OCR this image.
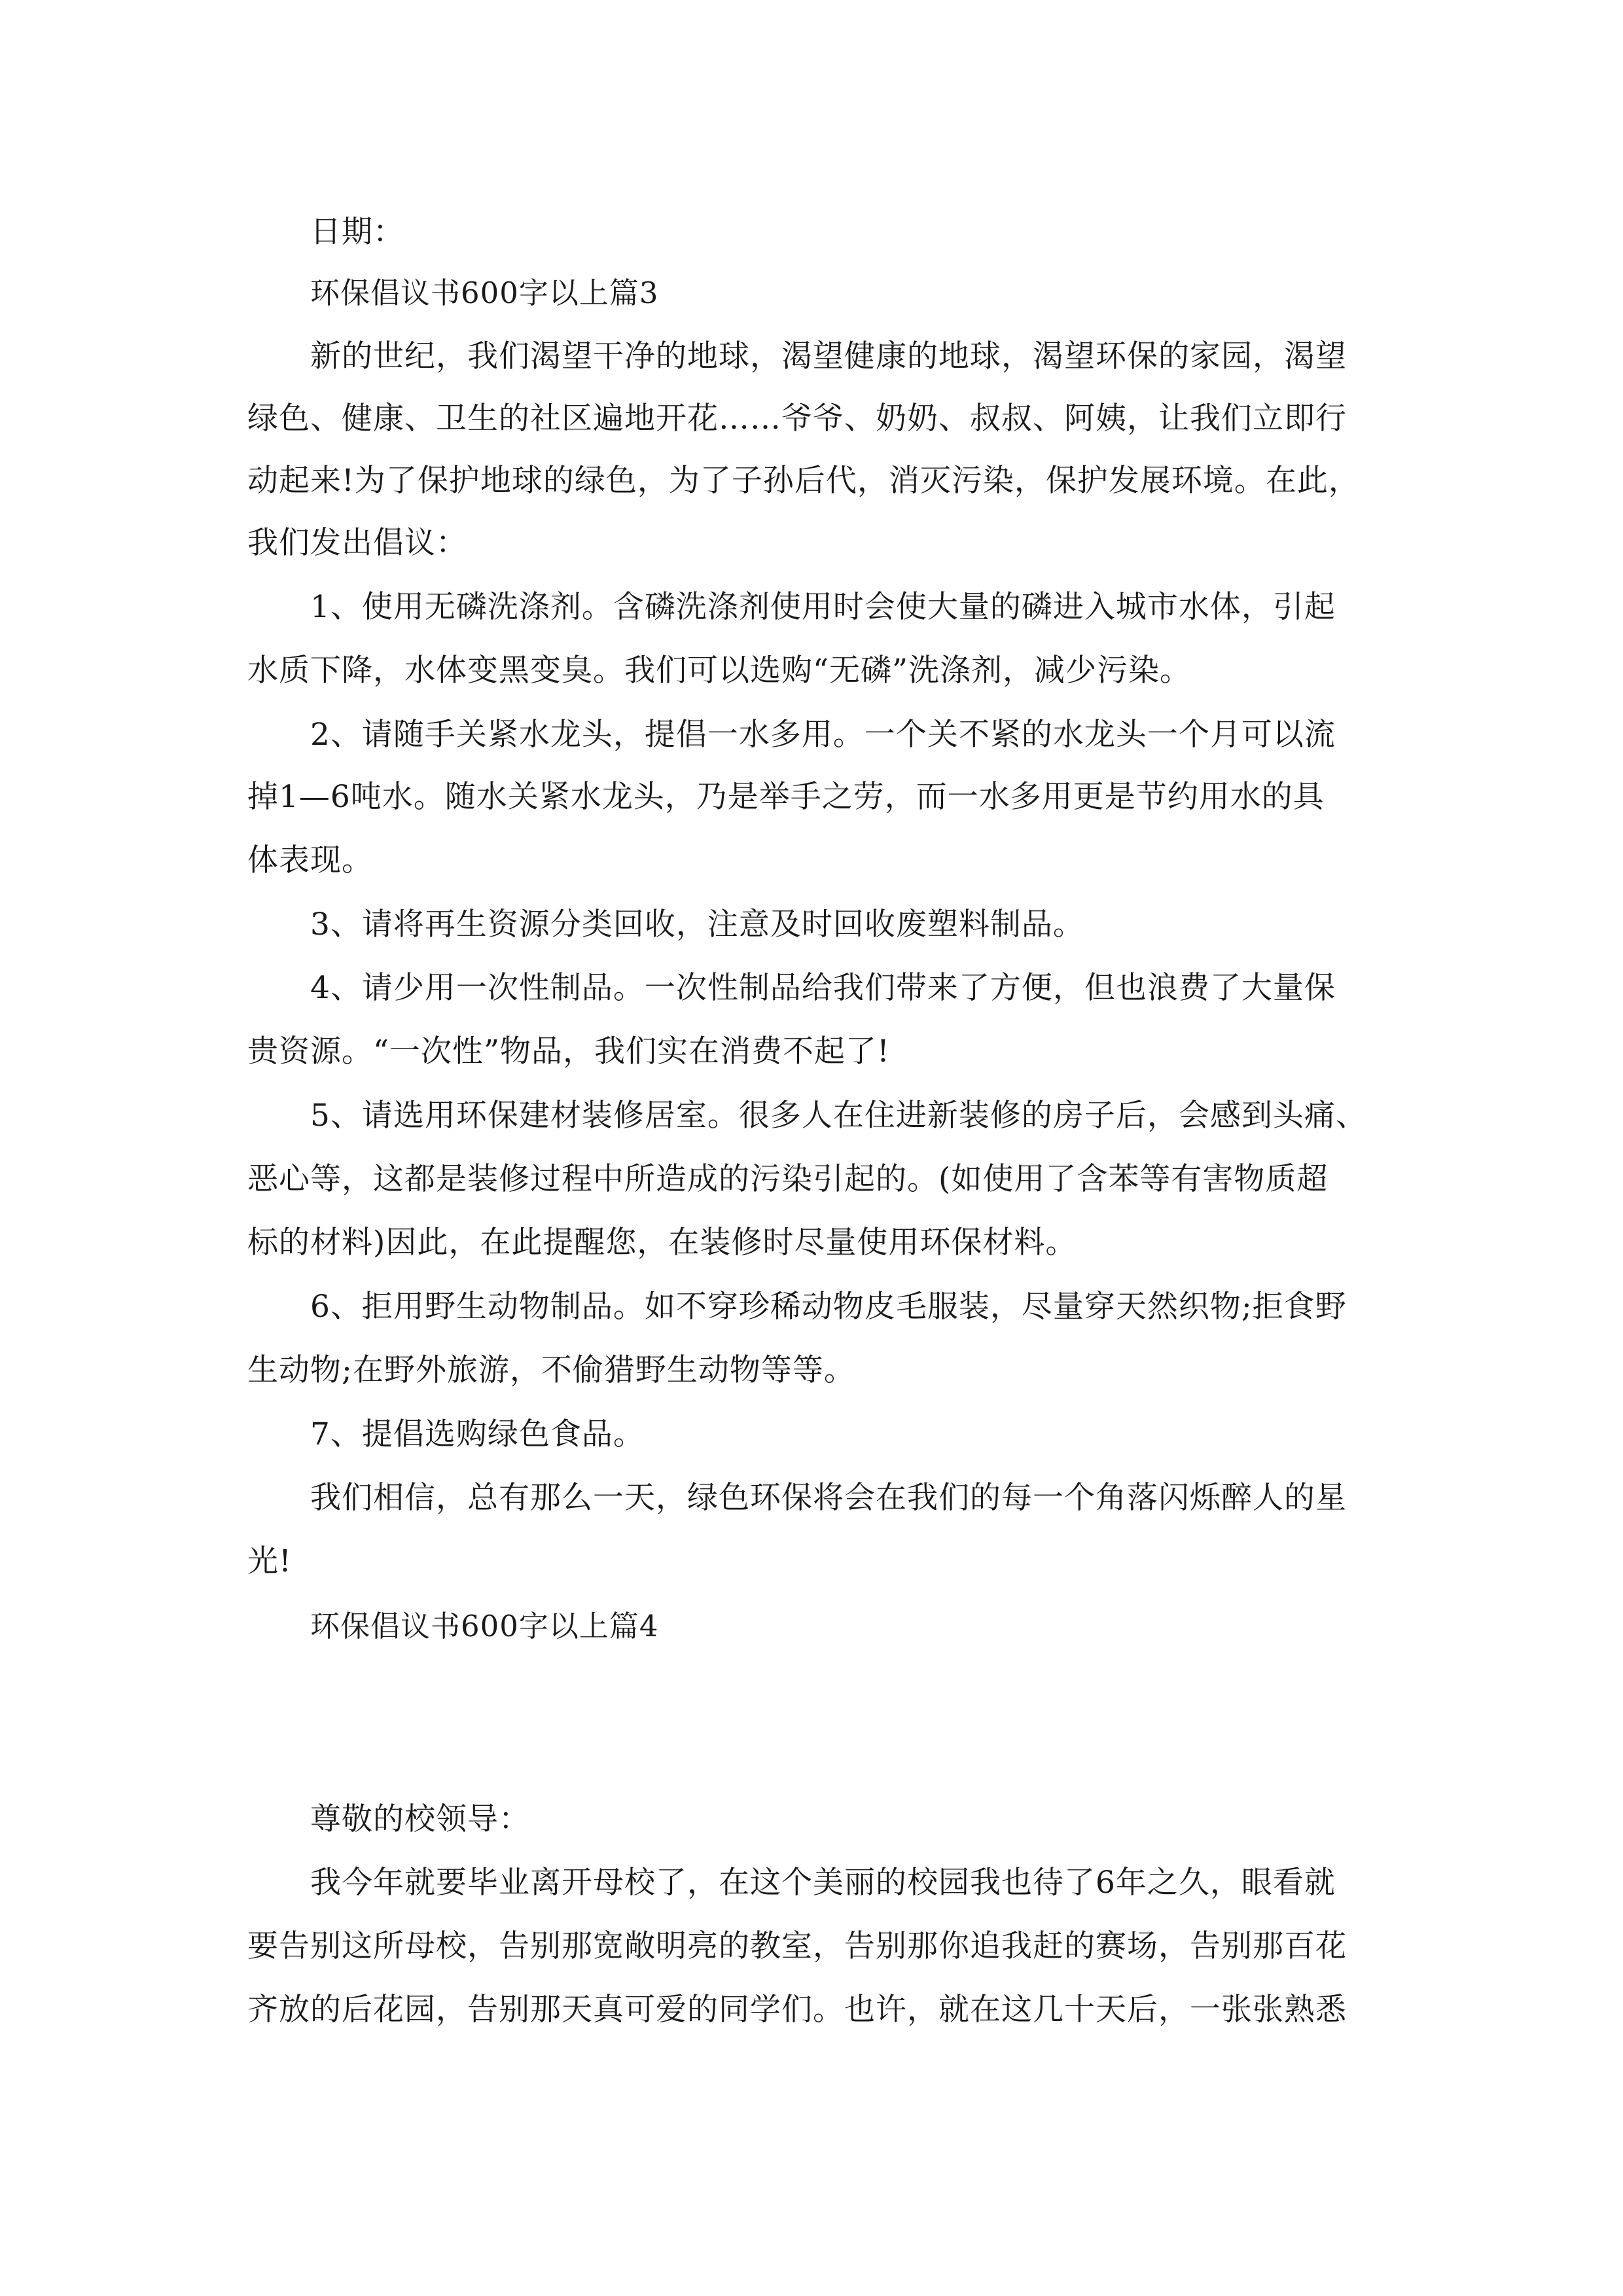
日期：
环保倡议书600字以上篇3
新的世纪，我们渴望干净的地球，渴望健康的地球，渴望环保的家园，渴望
绿色、健康、卫生的社区遍地开花……爷爷、奶奶、叔叔、阿姨，让我们立即行
动起来!为了保护地球的绿色，为了子孙后代，消灭污染，保护发展环境。在此，
我们发出倡议：
1、使用无磷洗涤剂。含磷洗涤剂使用时会使大量的磷进入城市水体，引起
水质下降，水体变黑变臭。我们可以选购“无磷”洗涤剂，减少污染。
2、请随手关紧水龙头，提倡一水多用。一个关不紧的水龙头一个月可以流
掉1—6吨水。随水关紧水龙头，乃是举手之劳，而一水多用更是节约用水的具
体表现。
3、请将再生资源分类回收，注意及时回收废塑料制品。
4、请少用一次性制品。一次性制品给我们带来了方便，但也浪费了大量保
贵资源。“一次性”物品，我们实在消费不起了!
5、请选用环保建材装修居室。很多人在住进新装修的房子后，会感到头痛、
恶心等，这都是装修过程中所造成的污染引起的。(如使用了含苯等有害物质超
标的材料)因此，在此提醒您，在装修时尽量使用环保材料。
6、拒用野生动物制品。如不穿珍稀动物皮毛服装，尽量穿天然织物;拒食野
生动物;在野外旅游，不偷猎野生动物等等。
7、提倡选购绿色食品。
我们相信，总有那么一天，绿色环保将会在我们的每一个角落闪烁醉人的星
光!
环保倡议书600字以上篇4
尊敬的校领导：
我今年就要毕业离开母校了，在这个美丽的校园我也待了6年之久，眼看就
要告别这所母校，告别那宽敞明亮的教室，告别那你追我赶的赛场，告别那百花
齐放的后花园，告别那天真可爱的同学们。也许，就在这几十天后，一张张熟悉
